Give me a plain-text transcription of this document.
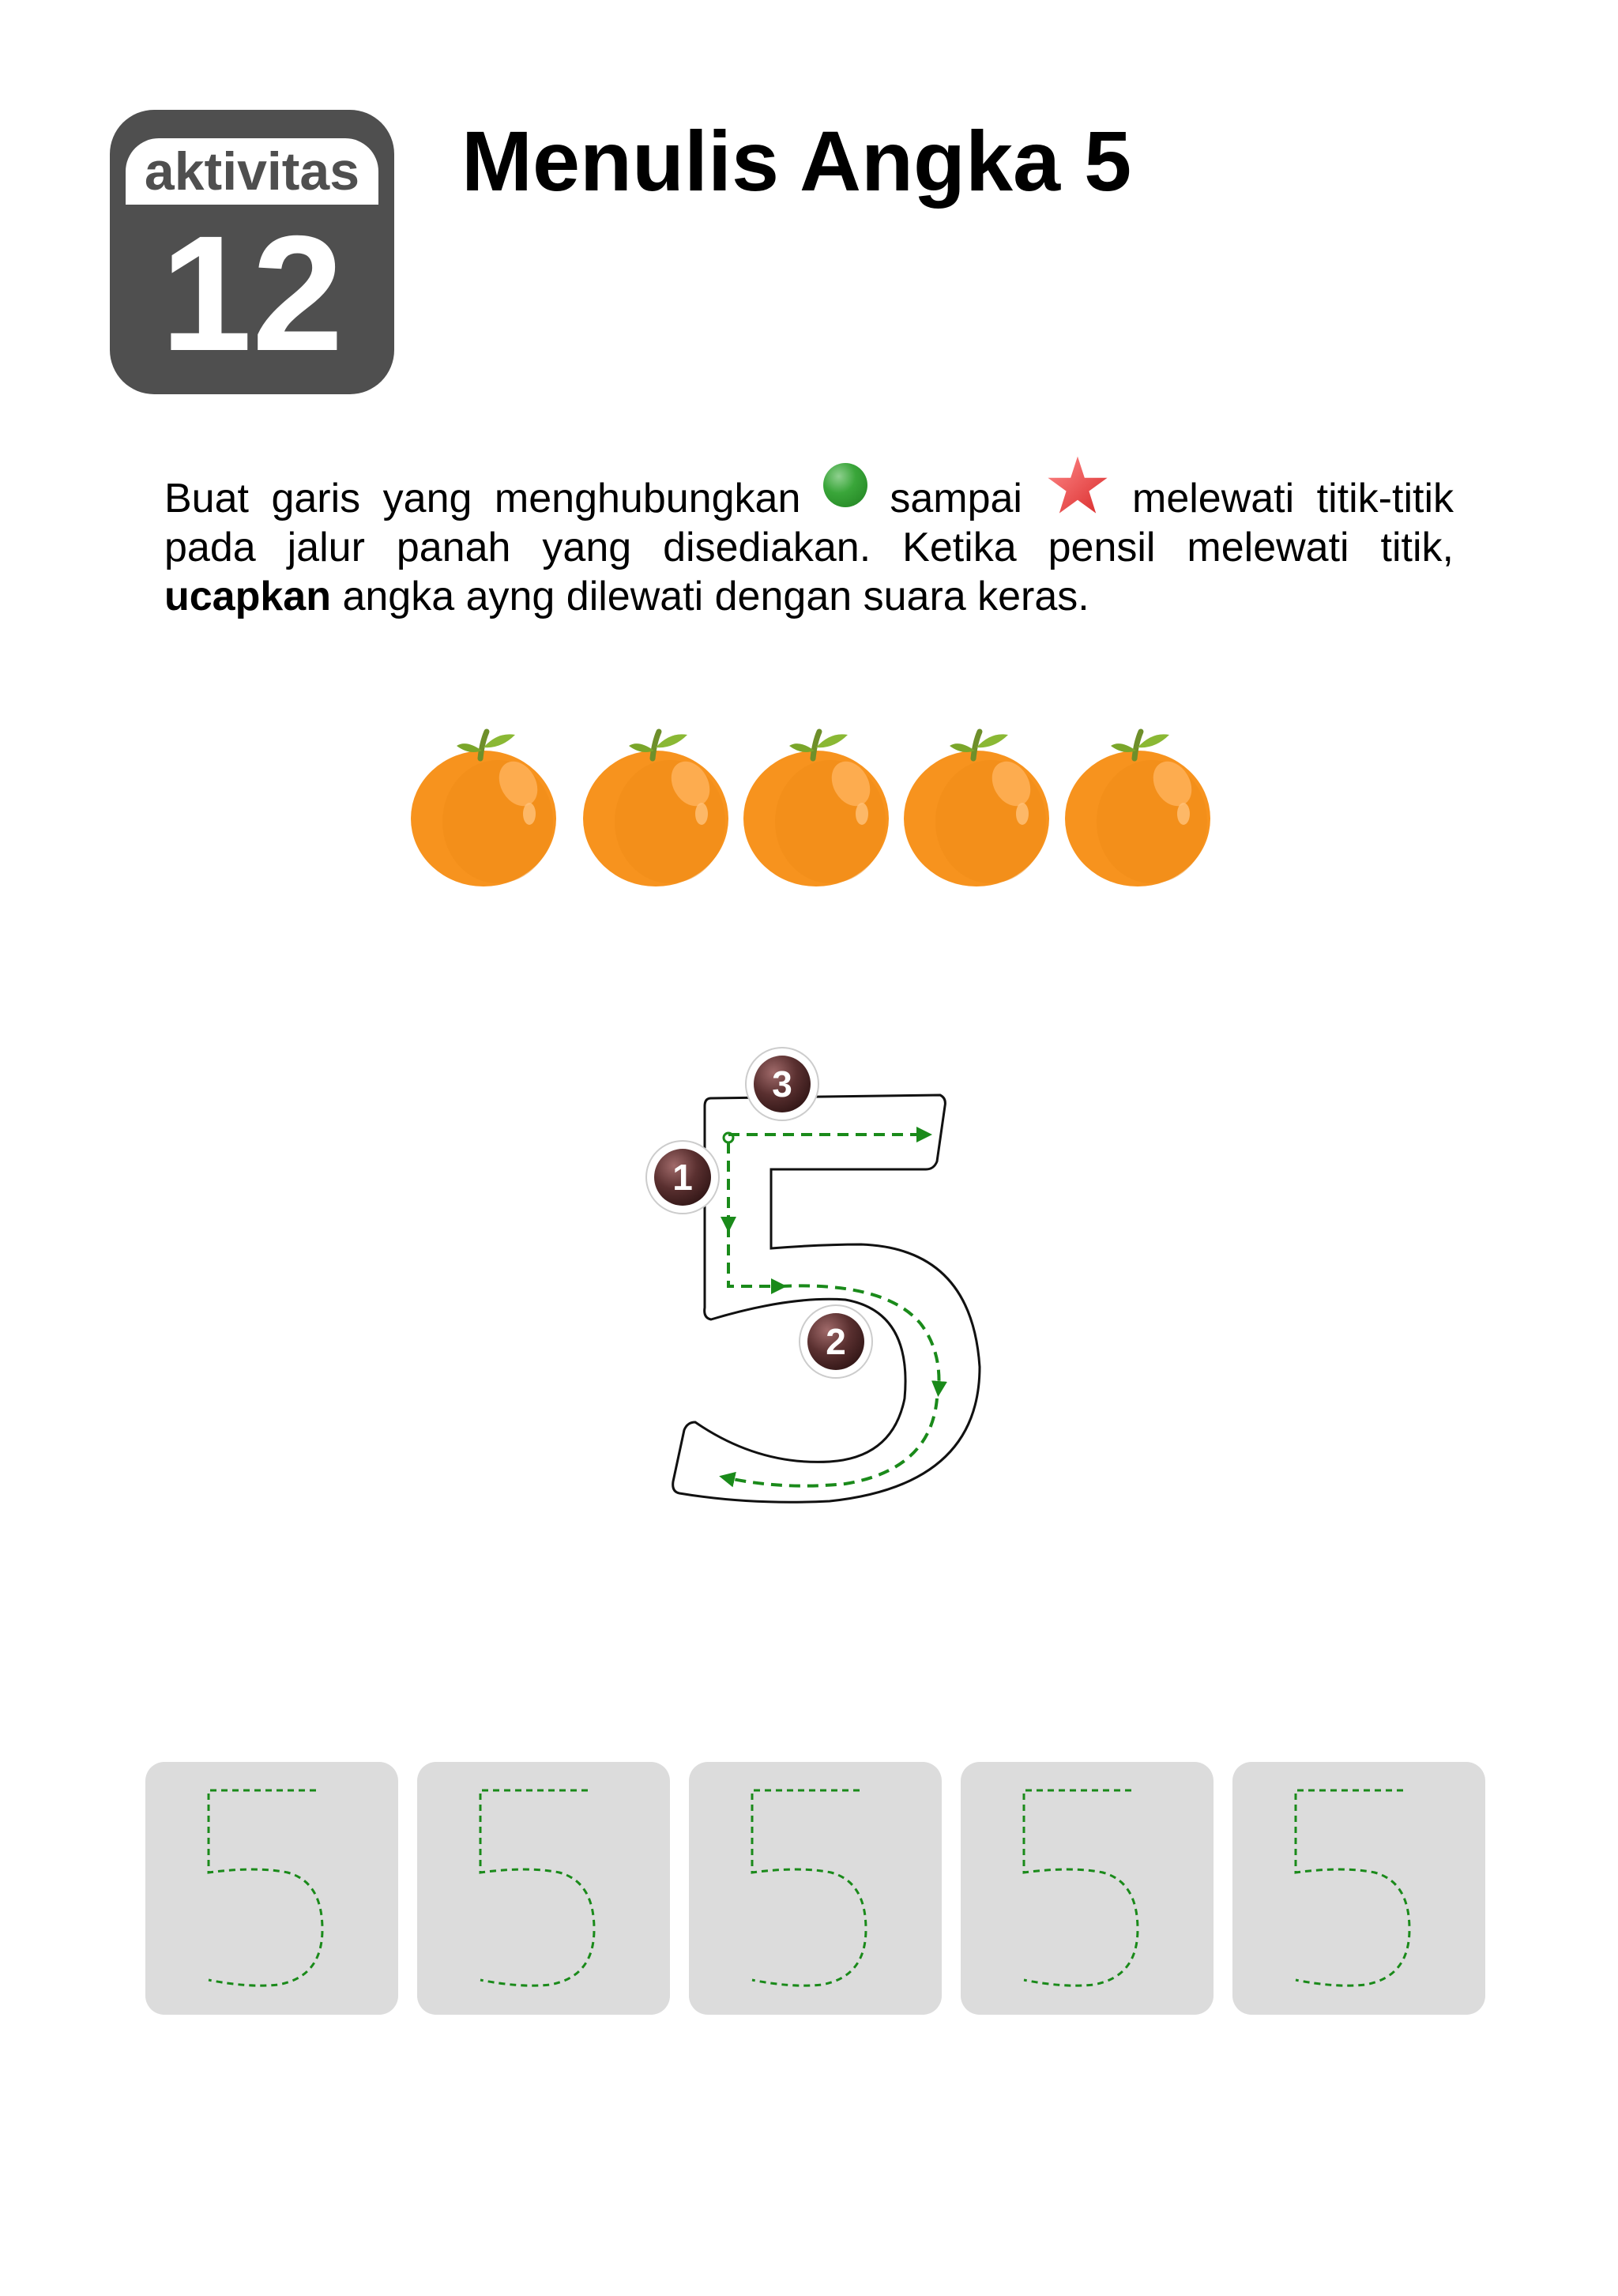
aktivitas
12
Menulis Angka 5

Buat garis yang menghubungkan sampai	melewati titik-titik pada jalur panah yang disediakan. Ketika pensil melewati titik, ucapkan angka ayng dilewati dengan suara keras.

1
3
2
